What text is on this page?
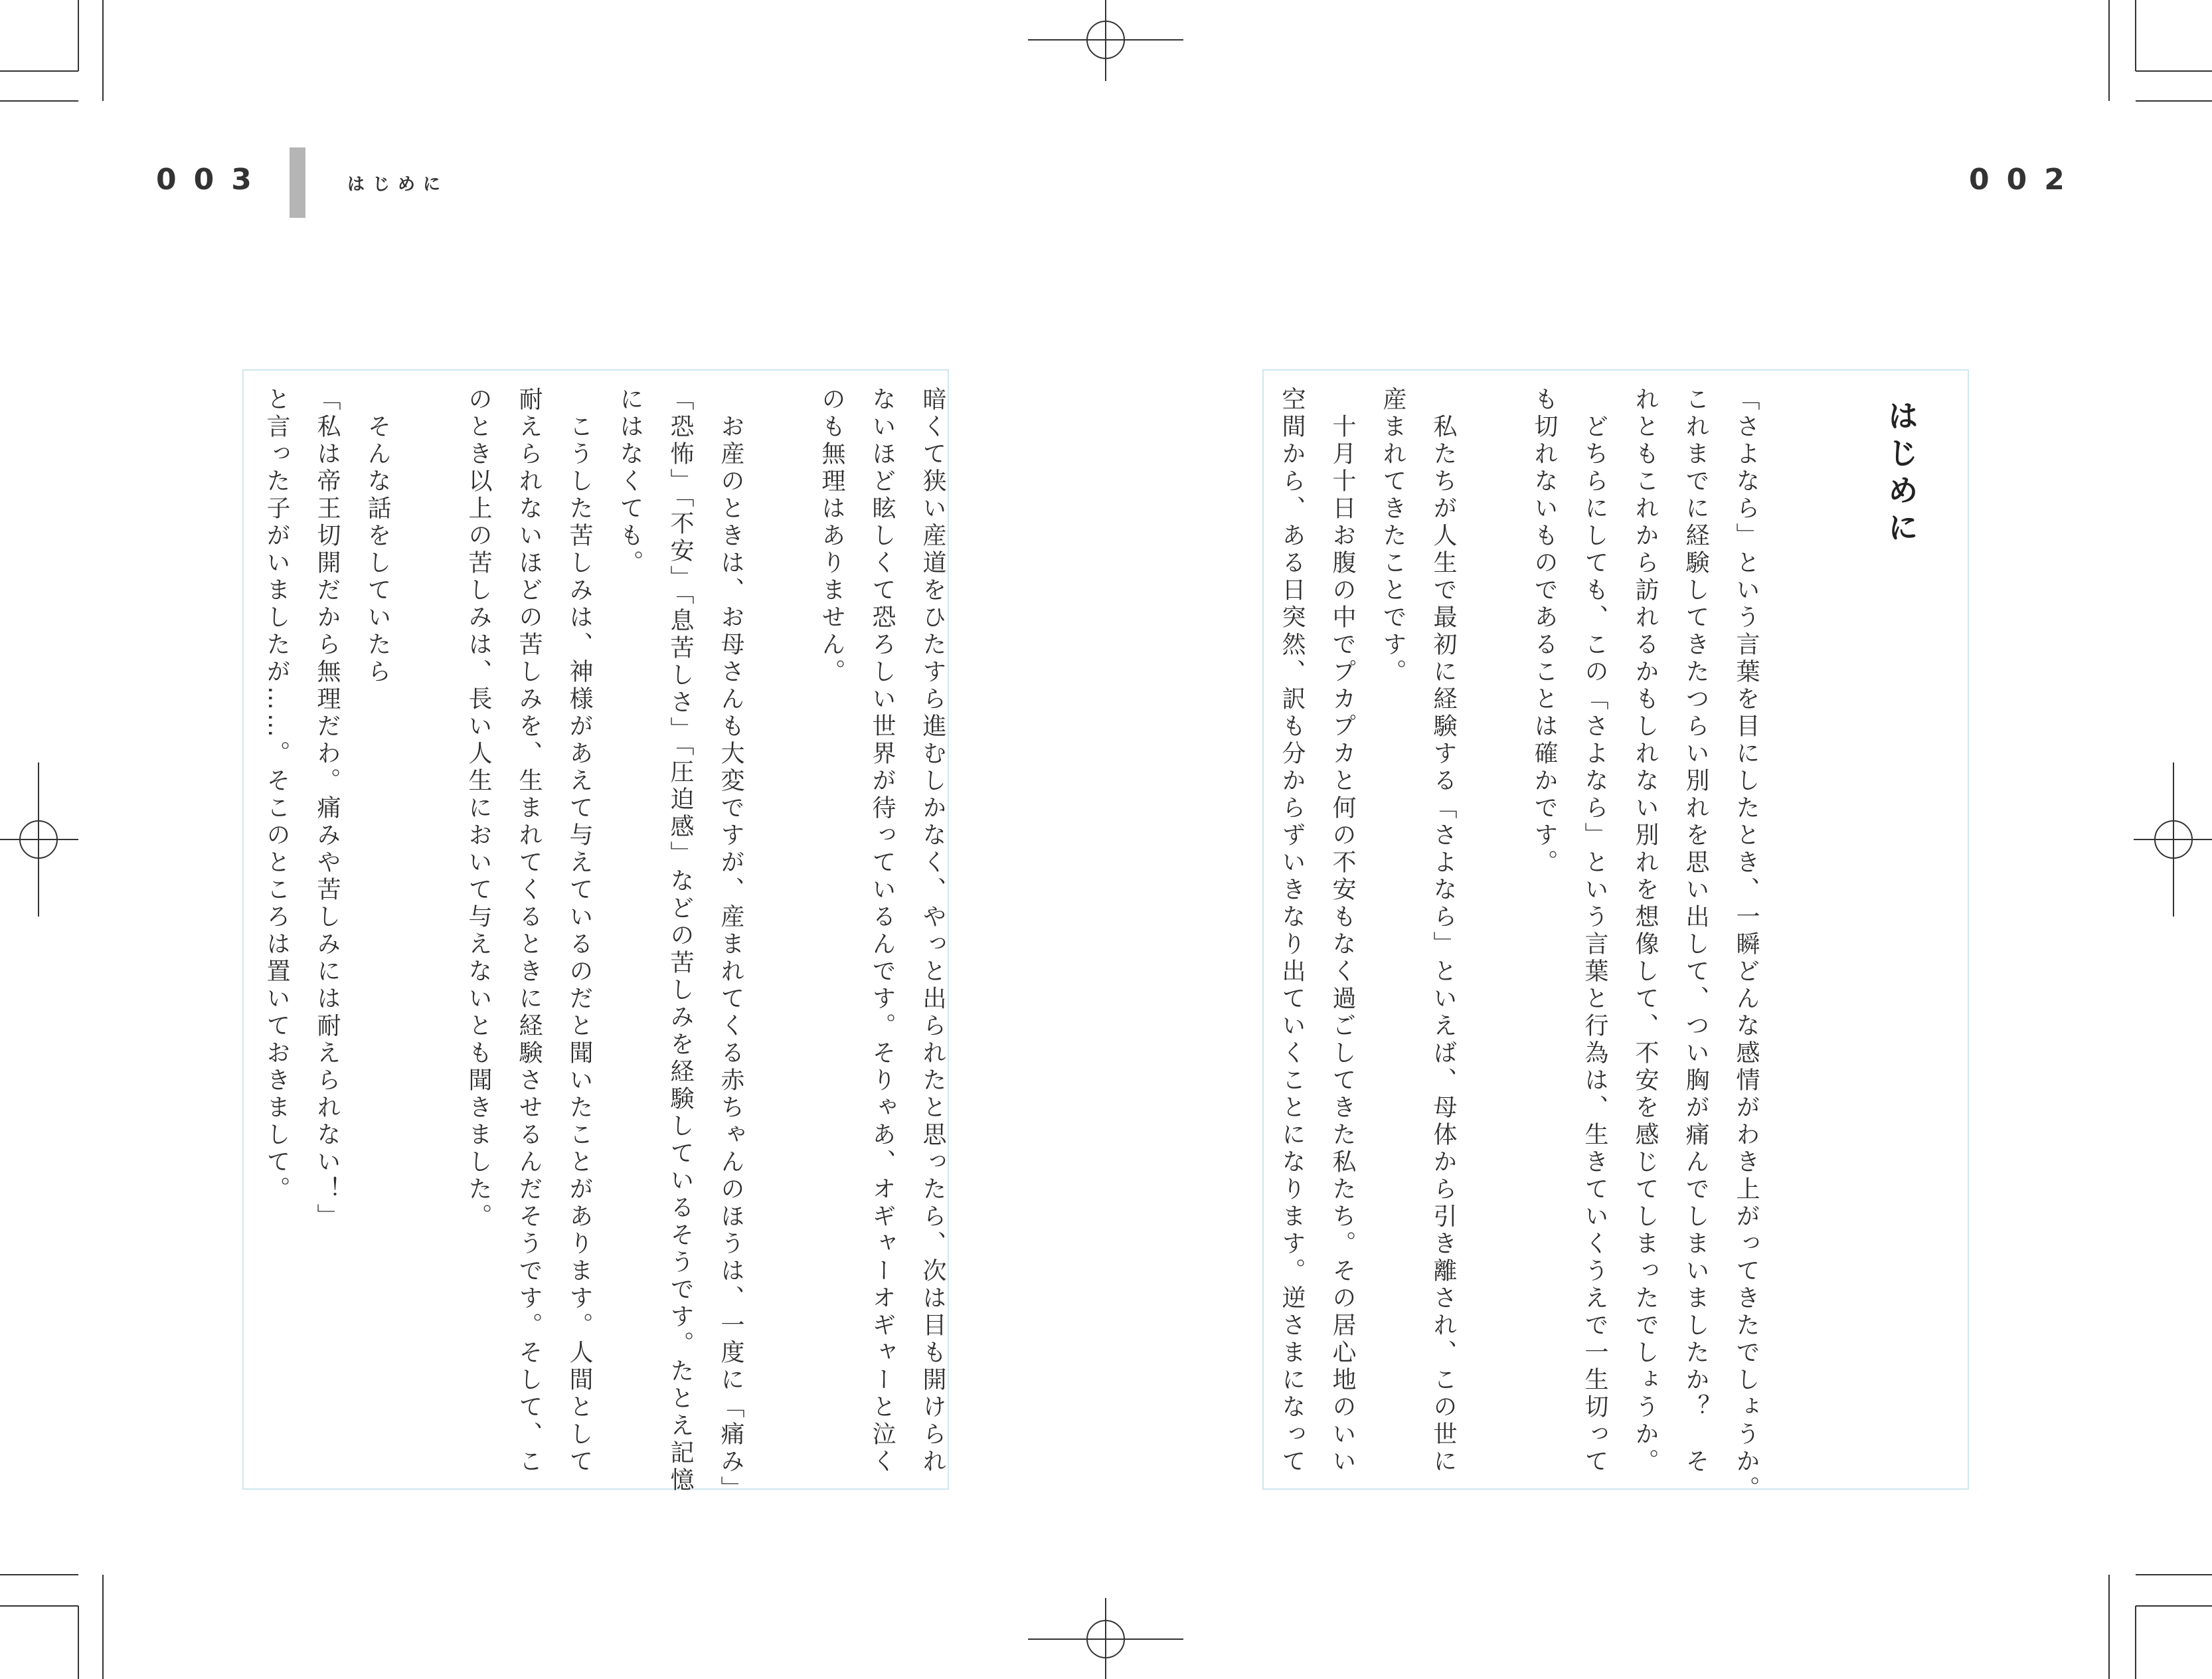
003	はじめに	002
はじめに
「さよなら」という言葉を目にしたとき、一瞬どんな感情がわき上がってきたでしょうか。
これまでに経験してきたつらい別れを思い出して、つい胸が痛んでしまいましたか？　そ
れともこれから訪れるかもしれない別れを想像して、不安を感じてしまったでしょうか。
　どちらにしても、この「さよなら」という言葉と行為は、生きていくうえで一生切って
も切れないものであることは確かです。
　私たちが人生で最初に経験する「さよなら」といえば、母体から引き離され、この世に
産まれてきたことです。
　十月十日お腹の中でプカプカと何の不安もなく過ごしてきた私たち。その居心地のいい
空間から、ある日突然、訳も分からずいきなり出ていくことになります。逆さまになって
暗くて狭い産道をひたすら進むしかなく、やっと出られたと思ったら、次は目も開けられ
ないほど眩しくて恐ろしい世界が待っているんです。そりゃあ、オギャーオギャーと泣く
のも無理はありません。
　お産のときは、お母さんも大変ですが、産まれてくる赤ちゃんのほうは、一度に「痛み」
「恐怖」「不安」「息苦しさ」「圧迫感」などの苦しみを経験しているそうです。たとえ記憶
にはなくても。
　こうした苦しみは、神様があえて与えているのだと聞いたことがあります。人間として
耐えられないほどの苦しみを、生まれてくるときに経験させるんだそうです。そして、こ
のとき以上の苦しみは、長い人生において与えないとも聞きました。
　そんな話をしていたら
「私は帝王切開だから無理だわ。痛みや苦しみには耐えられない！」
と言った子がいましたが……。そこのところは置いておきまして。
